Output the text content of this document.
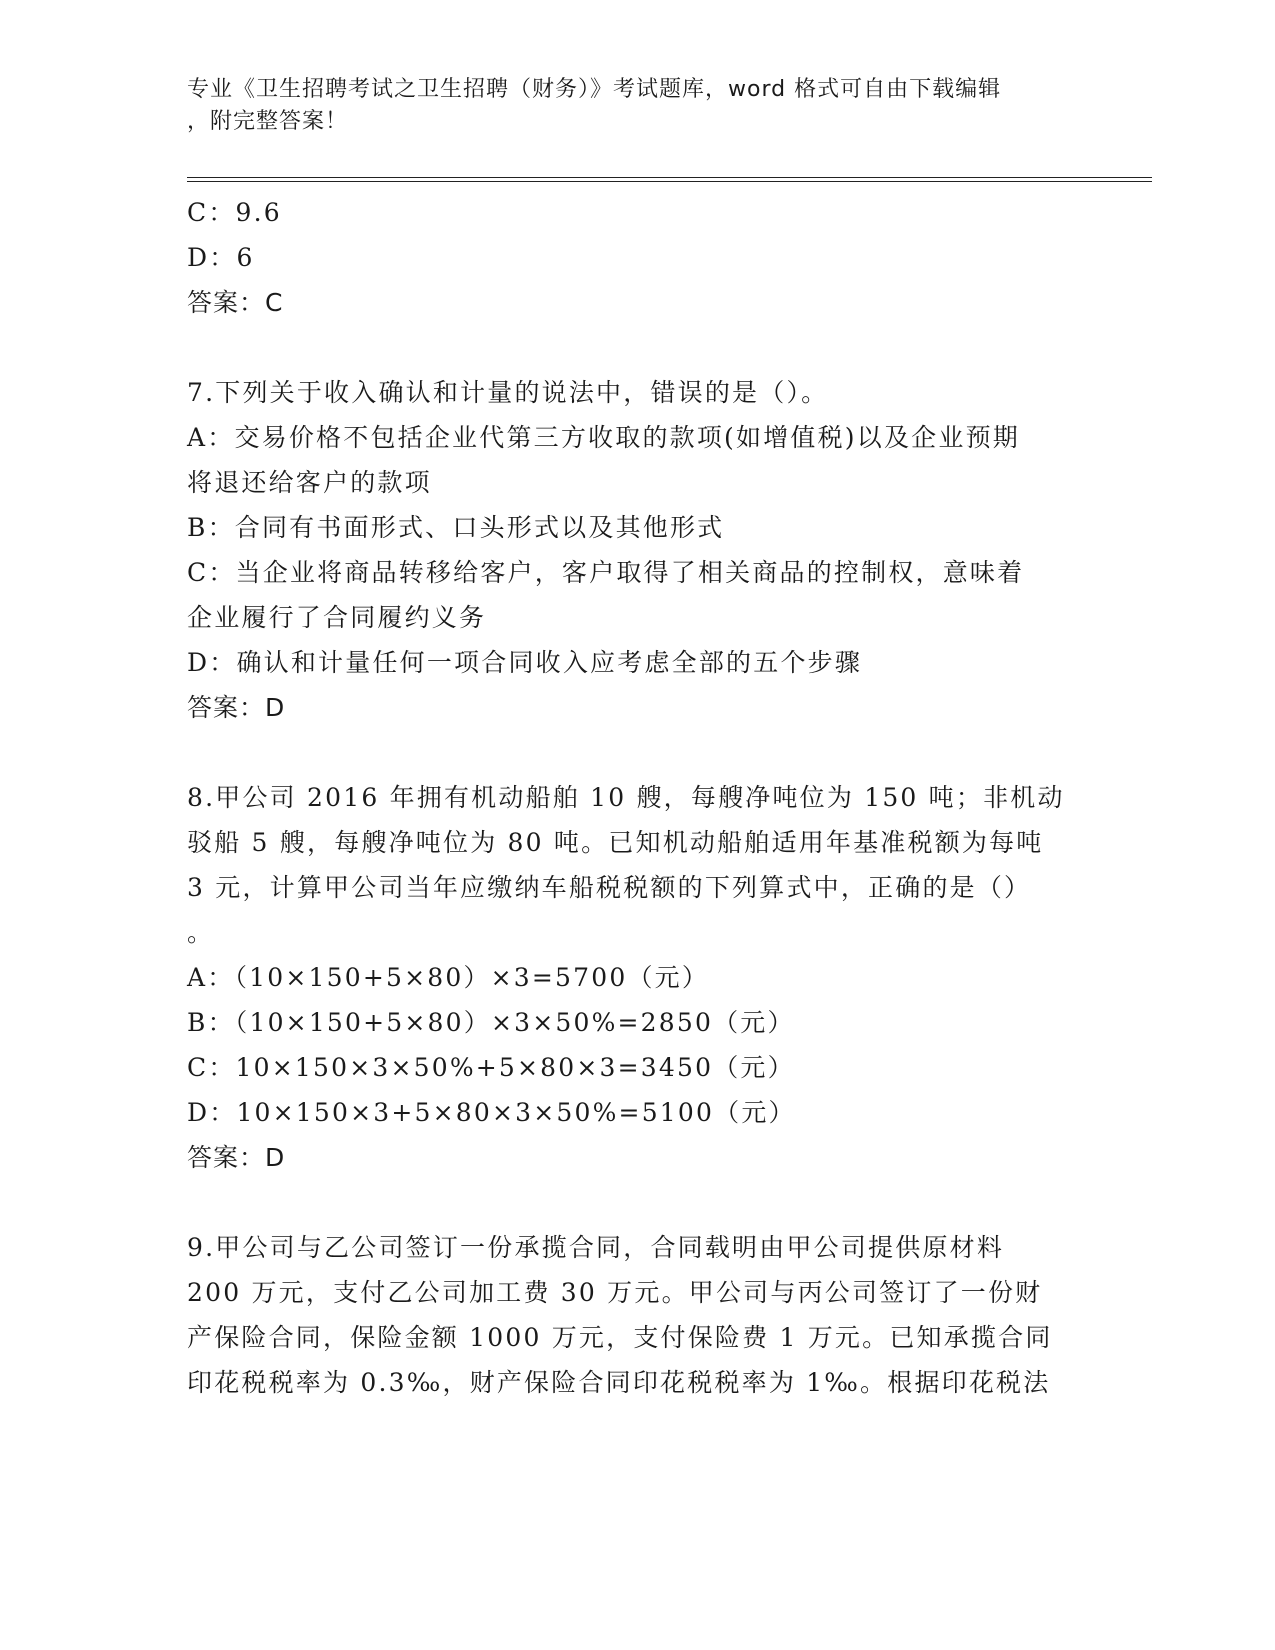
专业《卫生招聘考试之卫生招聘（财务）》考试题库，word 格式可自由下载编辑
，附完整答案！
C：9.6
D：6
答案：C
7.下列关于收入确认和计量的说法中，错误的是（）。
A：交易价格不包括企业代第三方收取的款项(如增值税)以及企业预期
将退还给客户的款项
B：合同有书面形式、口头形式以及其他形式
C：当企业将商品转移给客户，客户取得了相关商品的控制权，意味着
企业履行了合同履约义务
D：确认和计量任何一项合同收入应考虑全部的五个步骤
答案：D
8.甲公司 2016 年拥有机动船舶 10 艘，每艘净吨位为 150 吨；非机动
驳船 5 艘，每艘净吨位为 80 吨。已知机动船舶适用年基准税额为每吨
3 元，计算甲公司当年应缴纳车船税税额的下列算式中，正确的是（）
。
A：（10×150+5×80）×3=5700（元）
B：（10×150+5×80）×3×50%=2850（元）
C：10×150×3×50%+5×80×3=3450（元）
D：10×150×3+5×80×3×50%=5100（元）
答案：D
9.甲公司与乙公司签订一份承揽合同，合同载明由甲公司提供原材料
200 万元，支付乙公司加工费 30 万元。甲公司与丙公司签订了一份财
产保险合同，保险金额 1000 万元，支付保险费 1 万元。已知承揽合同
印花税税率为 0.3‰，财产保险合同印花税税率为 1‰。根据印花税法
